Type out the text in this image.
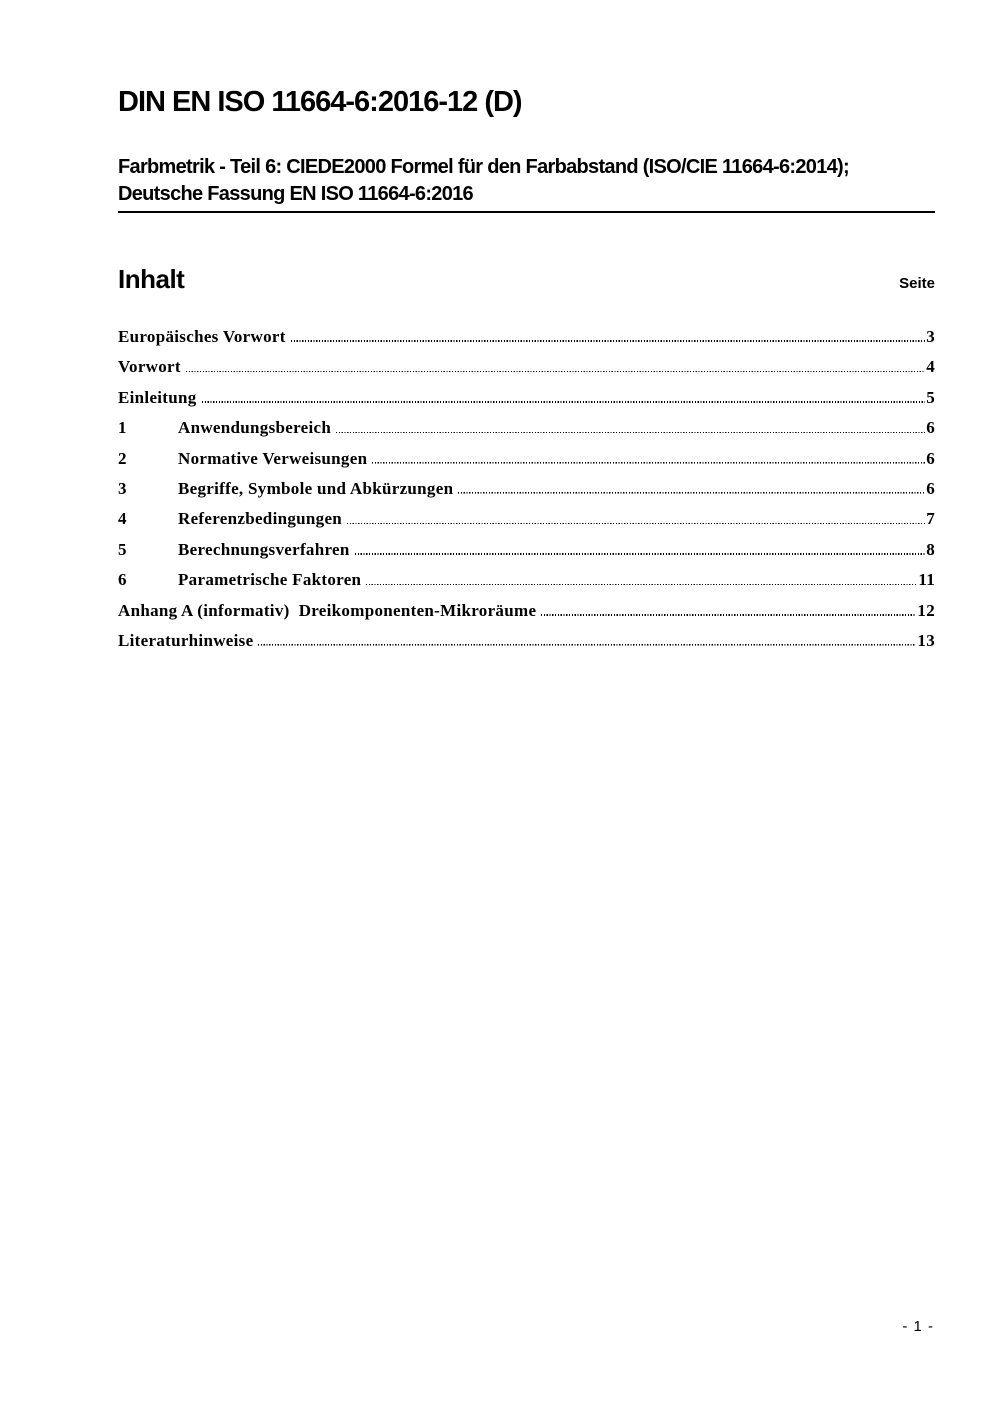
DIN EN ISO 11664-6:2016-12 (D)
Farbmetrik - Teil 6: CIEDE2000 Formel für den Farbabstand (ISO/CIE 11664-6:2014);
Deutsche Fassung EN ISO 11664-6:2016
Inhalt	Seite
Europäisches Vorwort	3
Vorwort	4
Einleitung	5
1	Anwendungsbereich	6
2	Normative Verweisungen	6
3	Begriffe, Symbole und Abkürzungen	6
4	Referenzbedingungen	7
5	Berechnungsverfahren	8
6	Parametrische Faktoren	11
Anhang A (informativ)  Dreikomponenten-Mikroräume	12
Literaturhinweise	13
- 1 -
